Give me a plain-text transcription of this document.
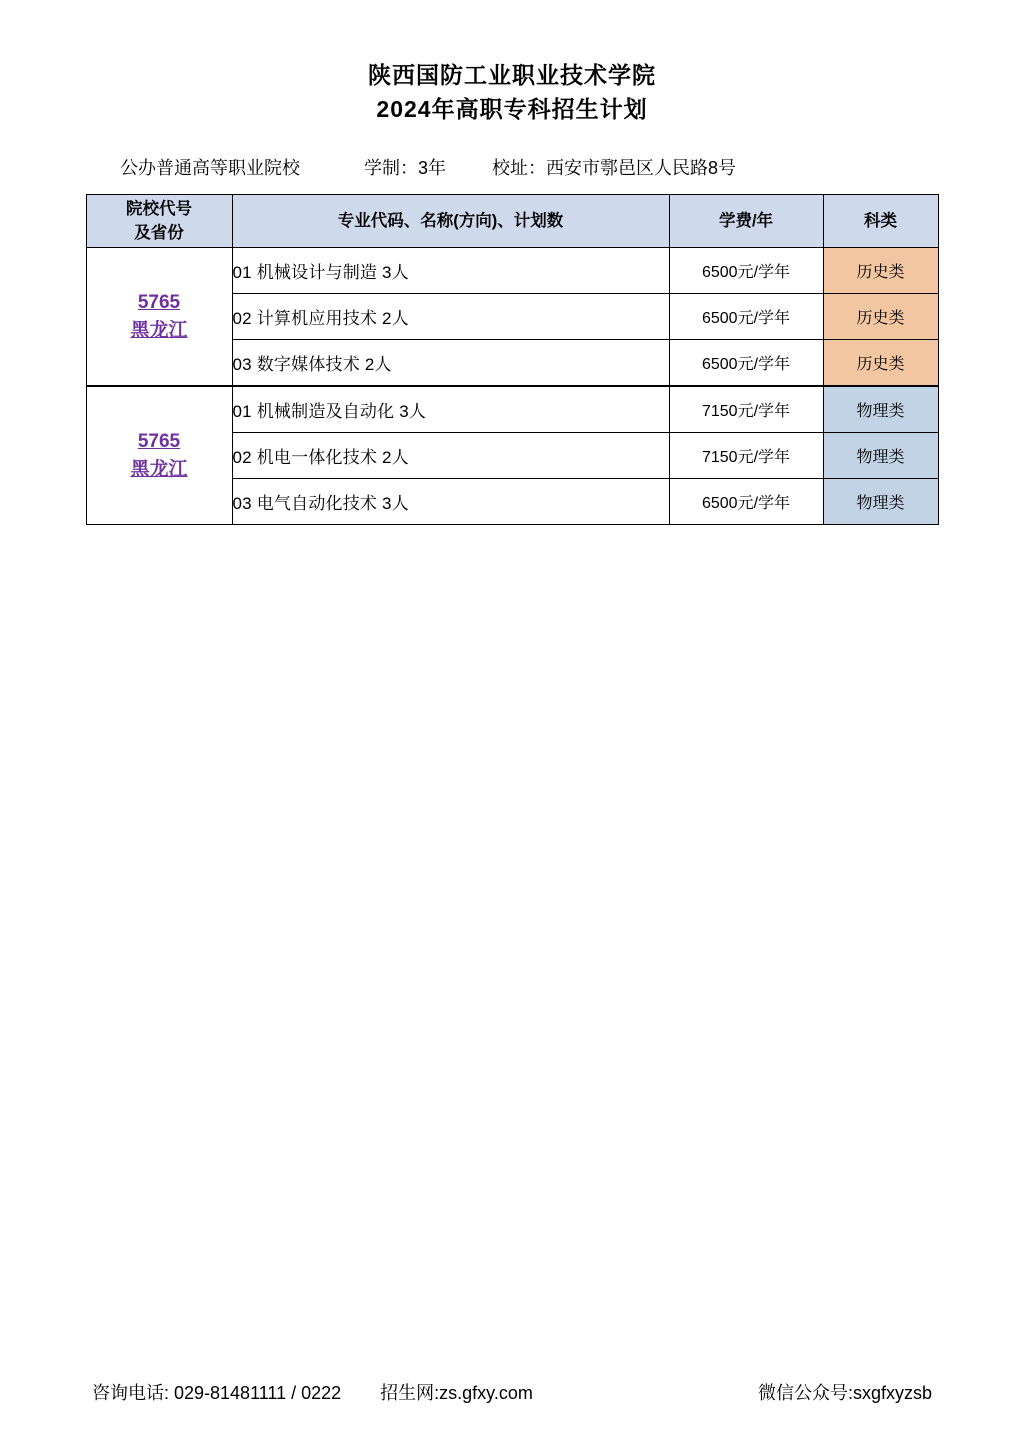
陕西国防工业职业技术学院
2024年高职专科招生计划
公办普通高等职业院校	学制：3年	校址：西安市鄠邑区人民路8号
院校代号
及省份	专业代码、名称(方向)、计划数	学费/年	科类

5765
黑龙江	01 机械设计与制造 3人	6500元/学年	历史类
	02 计算机应用技术 2人	6500元/学年	历史类
	03 数字媒体技术 2人	6500元/学年	历史类

5765
黑龙江	01 机械制造及自动化 3人	7150元/学年	物理类
	02 机电一体化技术 2人	7150元/学年	物理类
	03 电气自动化技术 3人	6500元/学年	物理类
咨询电话: 029-81481111 / 0222 招生网:zs.gfxy.com	微信公众号:sxgfxyzsb
